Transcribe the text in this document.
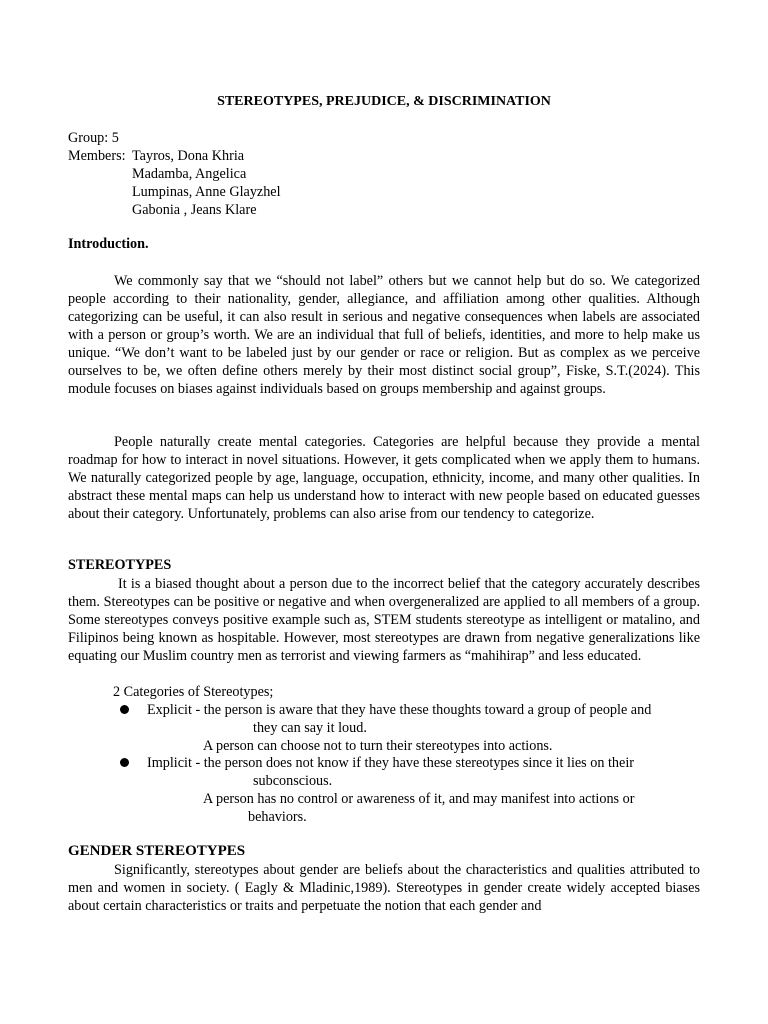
STEREOTYPES, PREJUDICE, & DISCRIMINATION
Group: 5
Members: Tayros, Dona Khria
Madamba, Angelica
Lumpinas, Anne Glayzhel
Gabonia , Jeans Klare
Introduction.

We commonly say that we “should not label” others but we cannot help but do so. We categorized people according to their nationality, gender, allegiance, and affiliation among other qualities. Although categorizing can be useful, it can also result in serious and negative consequences when labels are associated with a person or group’s worth. We are an individual that full of beliefs, identities, and more to help make us unique. “We don’t want to be labeled just by our gender or race or religion. But as complex as we perceive ourselves to be, we often define others merely by their most distinct social group”, Fiske, S.T.(2024). This module focuses on biases against individuals based on groups membership and against groups.

People naturally create mental categories. Categories are helpful because they provide a mental roadmap for how to interact in novel situations. However, it gets complicated when we apply them to humans. We naturally categorized people by age, language, occupation, ethnicity, income, and many other qualities. In abstract these mental maps can help us understand how to interact with new people based on educated guesses about their category. Unfortunately, problems can also arise from our tendency to categorize.

STEREOTYPES

It is a biased thought about a person due to the incorrect belief that the category accurately describes them. Stereotypes can be positive or negative and when overgeneralized are applied to all members of a group. Some stereotypes conveys positive example such as, STEM students stereotype as intelligent or matalino, and Filipinos being known as hospitable. However, most stereotypes are drawn from negative generalizations like equating our Muslim country men as terrorist and viewing farmers as “mahihirap” and less educated.

2 Categories of Stereotypes;
Explicit - the person is aware that they have these thoughts toward a group of people and
they can say it loud.
A person can choose not to turn their stereotypes into actions.
Implicit - the person does not know if they have these stereotypes since it lies on their
subconscious.
A person has no control or awareness of it, and may manifest into actions or
behaviors.
GENDER STEREOTYPES

Significantly, stereotypes about gender are beliefs about the characteristics and qualities attributed to men and women in society. ( Eagly & Mladinic,1989). Stereotypes in gender create widely accepted biases about certain characteristics or traits and perpetuate the notion that each gender and
